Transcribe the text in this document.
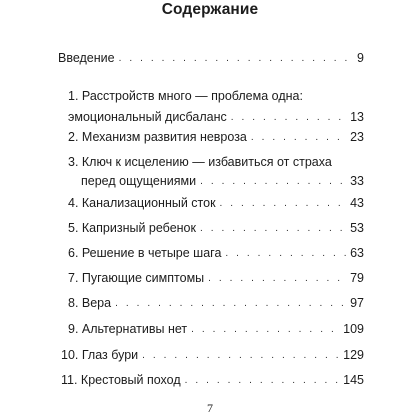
Содержание
Введение . . .	9
1. Расстройств много — проблема одна:
эмоциональный дисбаланс . . .	13
2. Механизм развития невроза . . .	23
3. Ключ к исцелению — избавиться от страха
перед ощущениями . . .	33
4. Канализационный сток . . .	43
5. Капризный ребенок . . .	53
6. Решение в четыре шага . . .	63
7. Пугающие симптомы . . .	79
8. Вера . . .	97
9. Альтернативы нет . . .	109
10. Глаз бури . . .	129
11. Крестовый поход . . .	145
7
